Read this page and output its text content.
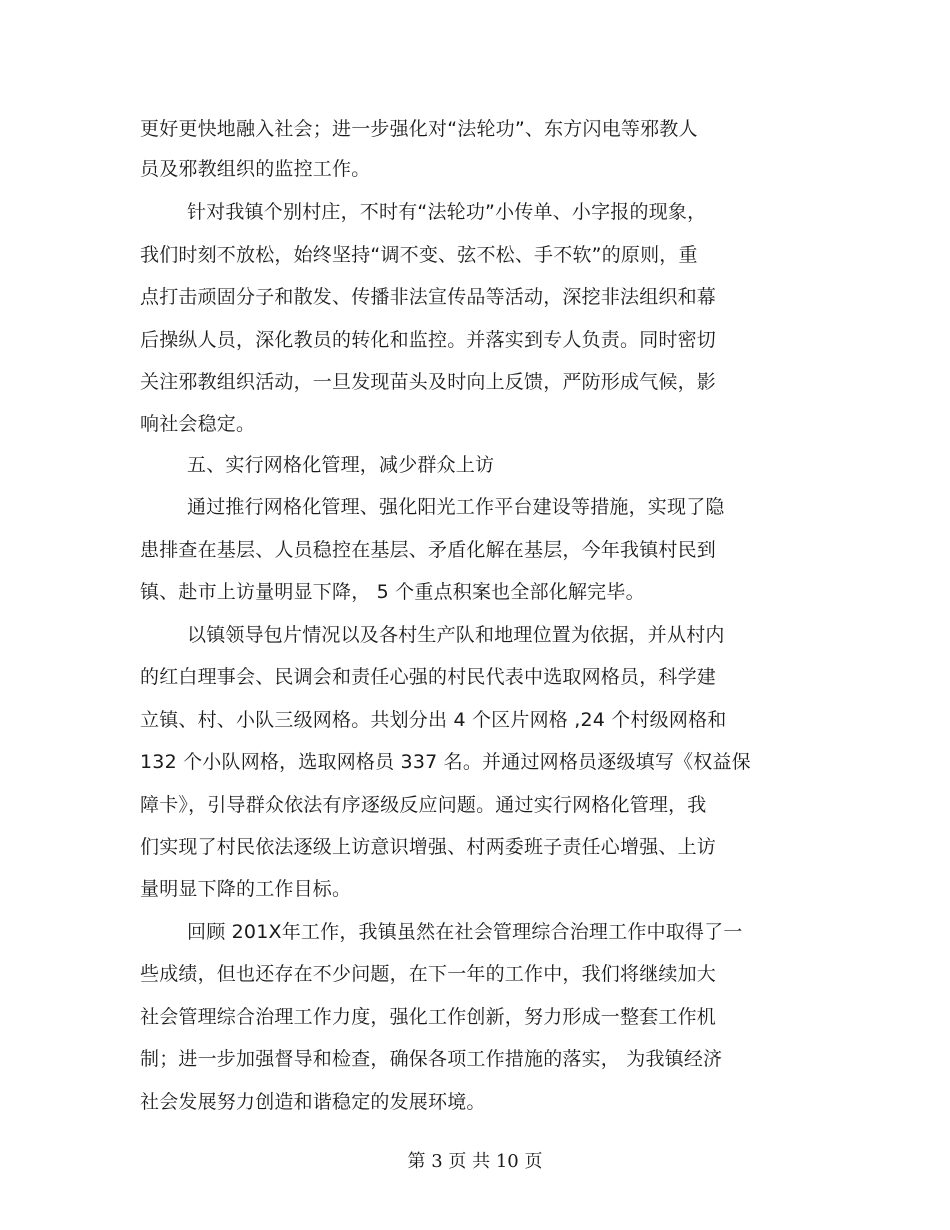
更好更快地融入社会；进一步强化对“法轮功”、东方闪电等邪教人
员及邪教组织的监控工作。
针对我镇个别村庄，不时有“法轮功”小传单、小字报的现象，
我们时刻不放松，始终坚持“调不变、弦不松、手不软”的原则，重
点打击顽固分子和散发、传播非法宣传品等活动，深挖非法组织和幕
后操纵人员，深化教员的转化和监控。并落实到专人负责。同时密切
关注邪教组织活动，一旦发现苗头及时向上反馈，严防形成气候，影
响社会稳定。
五、实行网格化管理，减少群众上访
通过推行网格化管理、强化阳光工作平台建设等措施，实现了隐
患排查在基层、人员稳控在基层、矛盾化解在基层，今年我镇村民到
镇、赴市上访量明显下降， 5 个重点积案也全部化解完毕。
以镇领导包片情况以及各村生产队和地理位置为依据，并从村内
的红白理事会、民调会和责任心强的村民代表中选取网格员，科学建
立镇、村、小队三级网格。共划分出 4 个区片网格 ,24 个村级网格和
132 个小队网格，选取网格员 337 名。并通过网格员逐级填写《权益保
障卡》，引导群众依法有序逐级反应问题。通过实行网格化管理，我
们实现了村民依法逐级上访意识增强、村两委班子责任心增强、上访
量明显下降的工作目标。
回顾 201X年工作，我镇虽然在社会管理综合治理工作中取得了一
些成绩，但也还存在不少问题，在下一年的工作中，我们将继续加大
社会管理综合治理工作力度，强化工作创新，努力形成一整套工作机
制；进一步加强督导和检查，确保各项工作措施的落实， 为我镇经济
社会发展努力创造和谐稳定的发展环境。
第 3 页 共 10 页
